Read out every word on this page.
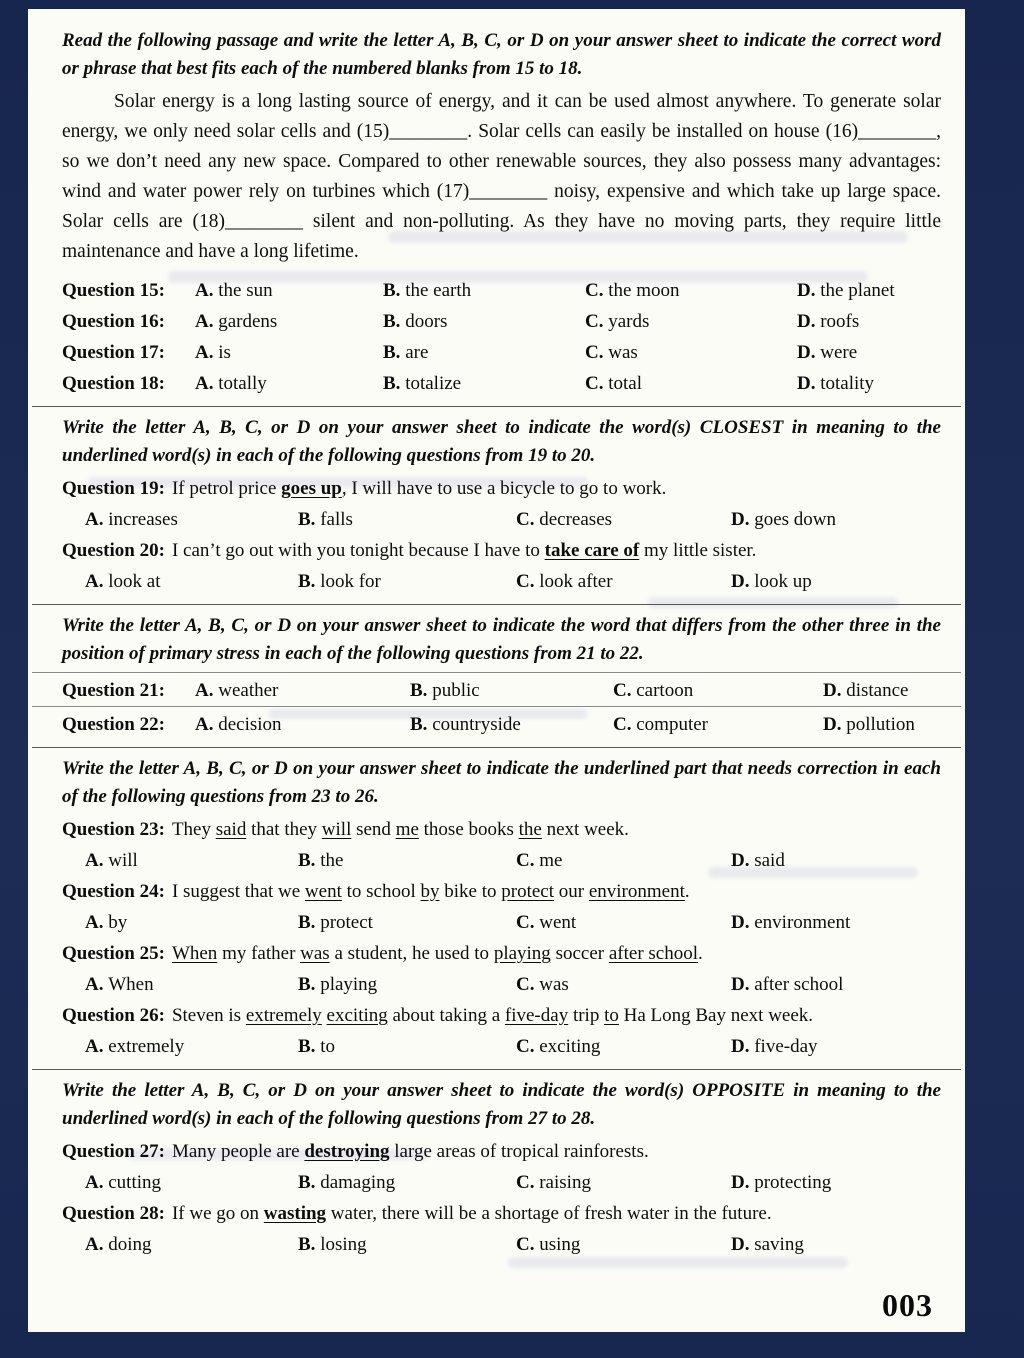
Read the following passage and write the letter A, B, C, or D on your answer sheet to indicate the correct word or phrase that best fits each of the numbered blanks from 15 to 18.

Solar energy is a long lasting source of energy, and it can be used almost anywhere. To generate solar energy, we only need solar cells and (15)________. Solar cells can easily be installed on house (16)________, so we don’t need any new space. Compared to other renewable sources, they also possess many advantages: wind and water power rely on turbines which (17)________ noisy, expensive and which take up large space. Solar cells are (18)________ silent and non-polluting. As they have no moving parts, they require little maintenance and have a long lifetime.

Question 15:	A. the sun	B. the earth	C. the moon	D. the planet
Question 16:	A. gardens	B. doors	C. yards	D. roofs
Question 17:	A. is	B. are	C. was	D. were
Question 18:	A. totally	B. totalize	C. total	D. totality

Write the letter A, B, C, or D on your answer sheet to indicate the word(s) CLOSEST in meaning to the underlined word(s) in each of the following questions from 19 to 20.

Question 19: If petrol price goes up, I will have to use a bicycle to go to work.

A. increases	B. falls	C. decreases	D. goes down

Question 20: I can’t go out with you tonight because I have to take care of my little sister.

A. look at	B. look for	C. look after	D. look up

Write the letter A, B, C, or D on your answer sheet to indicate the word that differs from the other three in the position of primary stress in each of the following questions from 21 to 22.

Question 21:	A. weather	B. public	C. cartoon	D. distance
Question 22:	A. decision	B. countryside	C. computer	D. pollution

Write the letter A, B, C, or D on your answer sheet to indicate the underlined part that needs correction in each of the following questions from 23 to 26.

Question 23: They said that they will send me those books the next week.

A. will	B. the	C. me	D. said

Question 24: I suggest that we went to school by bike to protect our environment.

A. by	B. protect	C. went	D. environment

Question 25: When my father was a student, he used to playing soccer after school.

A. When	B. playing	C. was	D. after school

Question 26: Steven is extremely exciting about taking a five-day trip to Ha Long Bay next week.

A. extremely	B. to	C. exciting	D. five-day

Write the letter A, B, C, or D on your answer sheet to indicate the word(s) OPPOSITE in meaning to the underlined word(s) in each of the following questions from 27 to 28.

Question 27: Many people are destroying large areas of tropical rainforests.

A. cutting	B. damaging	C. raising	D. protecting

Question 28: If we go on wasting water, there will be a shortage of fresh water in the future.

A. doing	B. losing	C. using	D. saving
003
